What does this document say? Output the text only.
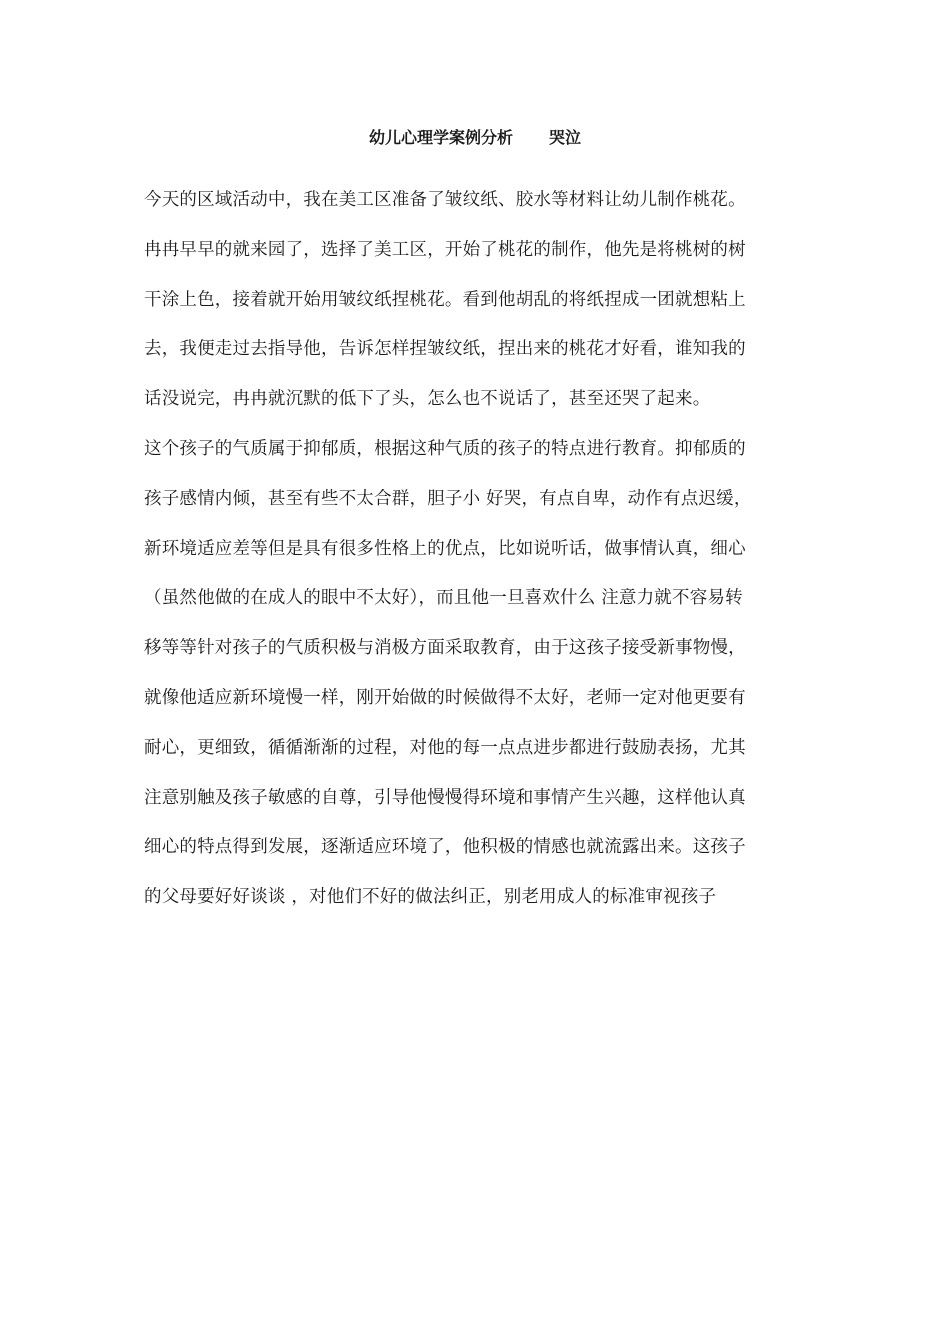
幼儿心理学案例分析 哭泣
今天的区域活动中，我在美工区准备了皱纹纸、胶水等材料让幼儿制作桃花。
冉冉早早的就来园了，选择了美工区，开始了桃花的制作，他先是将桃树的树
干涂上色，接着就开始用皱纹纸捏桃花。看到他胡乱的将纸捏成一团就想粘上
去，我便走过去指导他，告诉怎样捏皱纹纸，捏出来的桃花才好看，谁知我的
话没说完，冉冉就沉默的低下了头，怎么也不说话了，甚至还哭了起来。
这个孩子的气质属于抑郁质，根据这种气质的孩子的特点进行教育。抑郁质的
孩子感情内倾，甚至有些不太合群，胆子小 好哭，有点自卑，动作有点迟缓，
新环境适应差等但是具有很多性格上的优点，比如说听话，做事情认真，细心
（虽然他做的在成人的眼中不太好），而且他一旦喜欢什么 注意力就不容易转
移等等针对孩子的气质积极与消极方面采取教育，由于这孩子接受新事物慢，
就像他适应新环境慢一样，刚开始做的时候做得不太好，老师一定对他更要有
耐心，更细致，循循渐渐的过程，对他的每一点点进步都进行鼓励表扬，尤其
注意别触及孩子敏感的自尊，引导他慢慢得环境和事情产生兴趣，这样他认真
细心的特点得到发展，逐渐适应环境了，他积极的情感也就流露出来。这孩子
的父母要好好谈谈 ，对他们不好的做法纠正，别老用成人的标准审视孩子
